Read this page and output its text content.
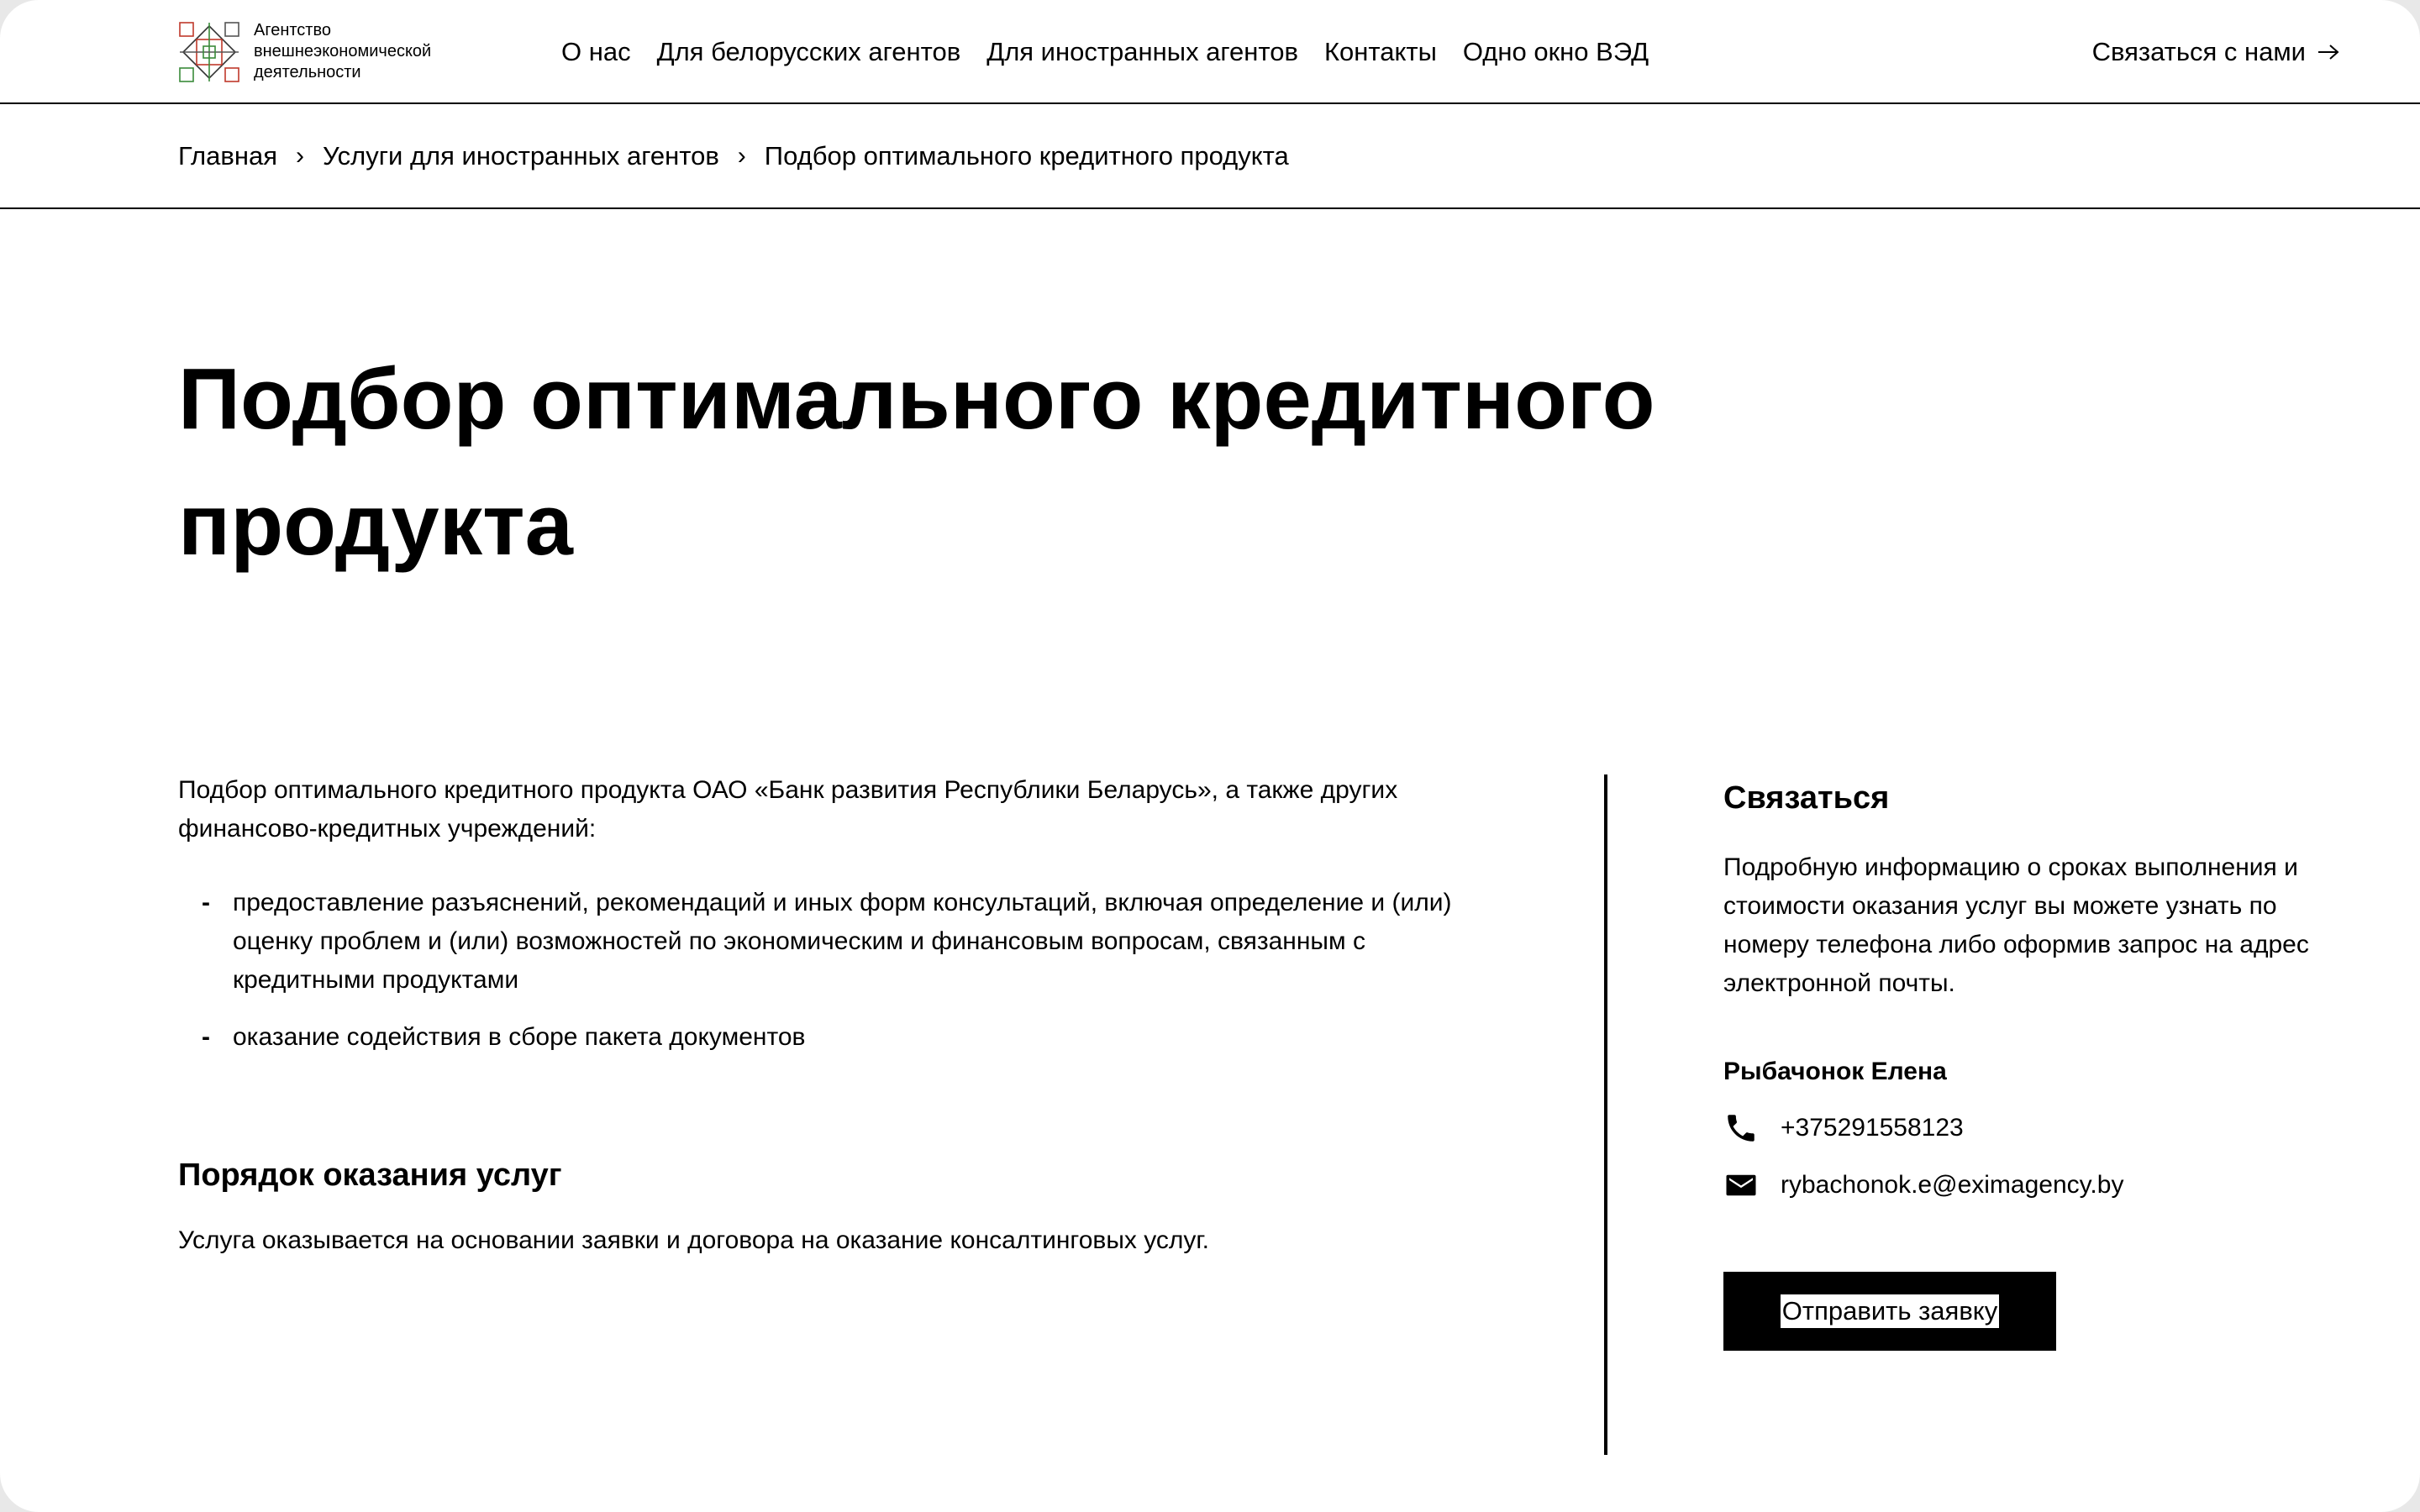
Агентство
внешнеэкономической
деятельности
О нас Для белорусских агентов Для иностранных агентов Контакты Одно окно ВЭД	Связаться с нами
Главная › Услуги для иностранных агентов › Подбор оптимального кредитного продукта
Подбор оптимального кредитного продукта

Подбор оптимального кредитного продукта ОАО «Банк развития Республики Беларусь», а также других финансово-кредитных учреждений:

- предоставление разъяснений, рекомендаций и иных форм консультаций, включая определение и (или) оценку проблем и (или) возможностей по экономическим и финансовым вопросам, связанным с кредитными продуктами
- оказание содействия в сборе пакета документов
Порядок оказания услуг

Услуга оказывается на основании заявки и договора на оказание консалтинговых услуг.

Связаться

Подробную информацию о сроках выполнения и стоимости оказания услуг вы можете узнать по номеру телефона либо оформив запрос на адрес электронной почты.

Рыбачонок Елена
+375291558123
rybachonok.e@eximagency.by
Отправить заявку
